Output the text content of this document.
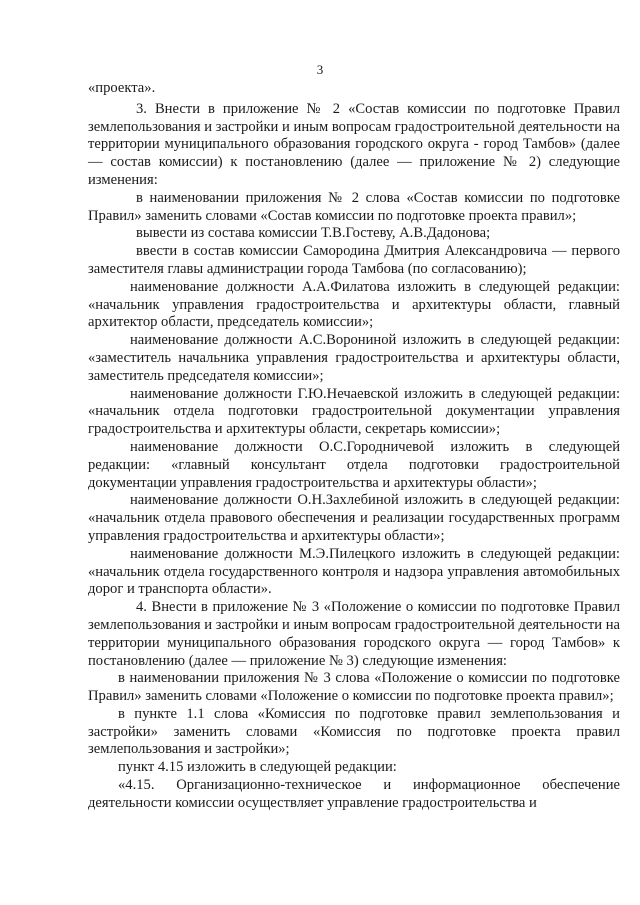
3

«проекта».

3. Внести в приложение № 2 «Состав комиссии по подготовке Правил землепользования и застройки и иным вопросам градостроительной деятельности на территории муниципального образования городского округа - город Тамбов» (далее — состав комиссии) к постановлению (далее — приложение № 2) следующие изменения:

в наименовании приложения № 2 слова «Состав комиссии по подготовке Правил» заменить словами «Состав комиссии по подготовке проекта правил»;

вывести из состава комиссии Т.В.Гостеву, А.В.Дадонова;

ввести в состав комиссии Самородина Дмитрия Александровича — первого заместителя главы администрации города Тамбова (по согласованию);

наименование должности А.А.Филатова изложить в следующей редакции: «начальник управления градостроительства и архитектуры области, главный архитектор области, председатель комиссии»;

наименование должности А.С.Ворониной изложить в следующей редакции: «заместитель начальника управления градостроительства и архитектуры области, заместитель председателя комиссии»;

наименование должности Г.Ю.Нечаевской изложить в следующей редакции: «начальник отдела подготовки градостроительной документации управления градостроительства и архитектуры области, секретарь комиссии»;

наименование должности О.С.Городничевой изложить в следующей редакции: «главный консультант отдела подготовки градостроительной документации управления градостроительства и архитектуры области»;

наименование должности О.Н.Захлебиной изложить в следующей редакции: «начальник отдела правового обеспечения и реализации государственных программ управления градостроительства и архитектуры области»;

наименование должности М.Э.Пилецкого изложить в следующей редакции: «начальник отдела государственного контроля и надзора управления автомобильных дорог и транспорта области».

4. Внести в приложение № 3 «Положение о комиссии по подготовке Правил землепользования и застройки и иным вопросам градостроительной деятельности на территории муниципального образования городского округа — город Тамбов» к постановлению (далее — приложение № 3) следующие изменения:

в наименовании приложения № 3 слова «Положение о комиссии по подготовке Правил» заменить словами «Положение о комиссии по подготовке проекта правил»;

в пункте 1.1 слова «Комиссия по подготовке правил землепользования и застройки» заменить словами «Комиссия по подготовке проекта правил землепользования и застройки»;

пункт 4.15 изложить в следующей редакции:

«4.15. Организационно-техническое и информационное обеспечение деятельности комиссии осуществляет управление градостроительства и
